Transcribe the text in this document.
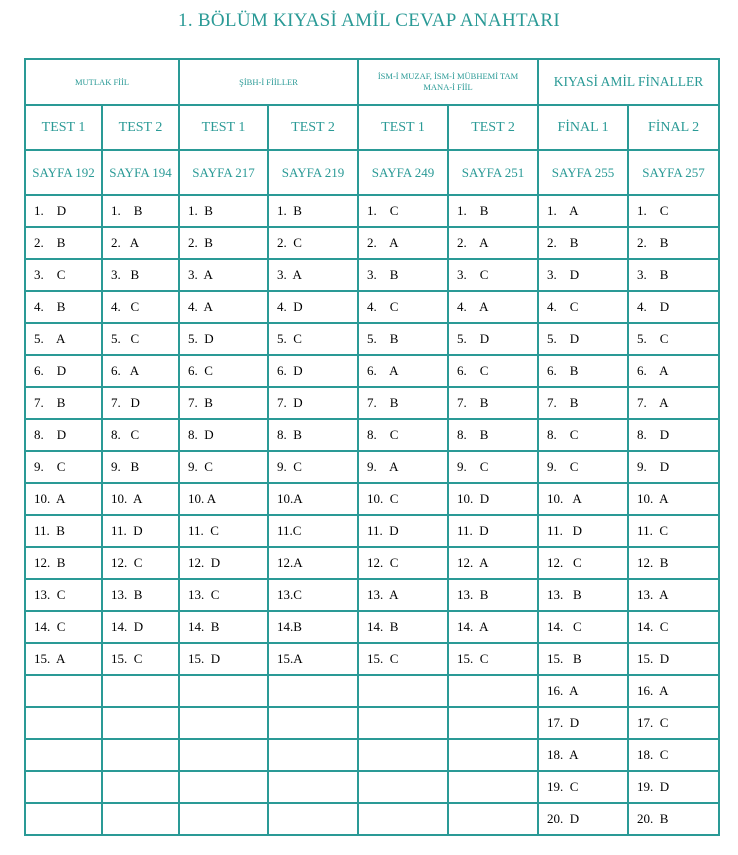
1. BÖLÜM KIYASİ AMİL CEVAP ANAHTARI
MUTLAK FİİL		ŞİBH-İ FİİLLER		İSM-İ MUZAF, İSM-İ MÜBHEMİ TAM MANA-İ FİİL		KIYASİ AMİL FİNALLER	
TEST 1	TEST 2	TEST 1	TEST 2	TEST 1	TEST 2	FİNAL 1	FİNAL 2
SAYFA 192	SAYFA 194	SAYFA 217	SAYFA 219	SAYFA 249	SAYFA 251	SAYFA 255	SAYFA 257
1.    D	1.    B	1.  B	1.  B	1.    C	1.    B	1.    A	1.    C
2.    B	2.   A	2.  B	2.  C	2.    A	2.    A	2.    B	2.    B
3.    C	3.   B	3.  A	3.  A	3.    B	3.    C	3.    D	3.    B
4.    B	4.   C	4.  A	4.  D	4.    C	4.    A	4.    C	4.    D
5.    A	5.   C	5.  D	5.  C	5.    B	5.    D	5.    D	5.    C
6.    D	6.   A	6.  C	6.  D	6.    A	6.    C	6.    B	6.    A
7.    B	7.   D	7.  B	7.  D	7.    B	7.    B	7.    B	7.    A
8.    D	8.   C	8.  D	8.  B	8.    C	8.    B	8.    C	8.    D
9.    C	9.   B	9.  C	9.  C	9.    A	9.    C	9.    C	9.    D
10.  A	10.  A	10. A	10.A	10.  C	10.  D	10.   A	10.  A
11.  B	11.  D	11.  C	11.C	11.  D	11.  D	11.   D	11.  C
12.  B	12.  C	12.  D	12.A	12.  C	12.  A	12.   C	12.  B
13.  C	13.  B	13.  C	13.C	13.  A	13.  B	13.   B	13.  A
14.  C	14.  D	14.  B	14.B	14.  B	14.  A	14.   C	14.  C
15.  A	15.  C	15.  D	15.A	15.  C	15.  C	15.   B	15.  D
						16.  A	16.  A
						17.  D	17.  C
						18.  A	18.  C
						19.  C	19.  D
						20.  D	20.  B
